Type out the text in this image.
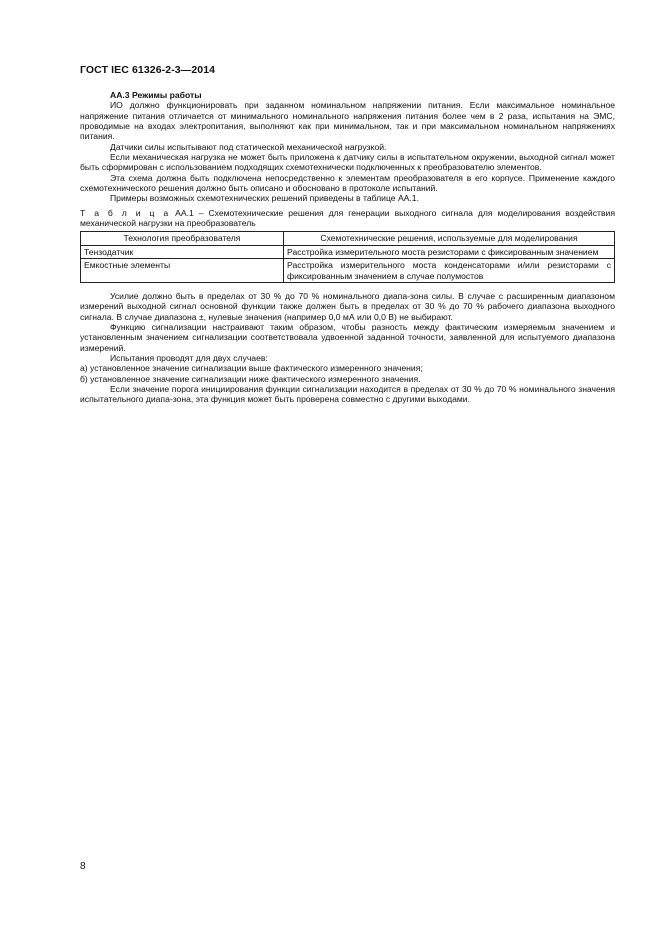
ГОСТ IEC 61326-2-3—2014
АА.3 Режимы работы

ИО должно функционировать при заданном номинальном напряжении питания. Если максимальное номинальное напряжение питания отличается от минимального номинального напряжения питания более чем в 2 раза, испытания на ЭМС, проводимые на входах электропитания, выполняют как при минимальном, так и при максимальном номинальном напряжениях питания.

Датчики силы испытывают под статической механической нагрузкой.

Если механическая нагрузка не может быть приложена к датчику силы в испытательном окружении, выходной сигнал может быть сформирован с использованием подходящих схемотехнически подключенных к преобразователю элементов.

Эта схема должна быть подключена непосредственно к элементам преобразователя в его корпусе. Применение каждого схемотехнического решения должно быть описано и обосновано в протоколе испытаний.

Примеры возможных схемотехнических решений приведены в таблице АА.1.

Т а б л и ц а АА.1 – Схемотехнические решения для генерации выходного сигнала для моделирования воздействия механической нагрузки на преобразователь
Технология преобразователя	Схемотехнические решения, используемые для моделирования
Тензодатчик	Расстройка измерительного моста резисторами с фиксированным значением
Емкостные элементы	Расстройка измерительного моста конденсаторами и/или резисторами с фиксированным значением в случае полумостов

Усилие должно быть в пределах от 30 % до 70 % номинального диапа-зона силы. В случае с расширенным диапазоном измерений выходной сигнал основной функции также должен быть в пределах от 30 % до 70 % рабочего диапазона выходного сигнала. В случае диапазона ±, нулевые значения (например 0,0 мА или 0,0 В) не выбирают.

Функцию сигнализации настраивают таким образом, чтобы разность между фактическим измеряемым значением и установленным значением сигнализации соответствовала удвоенной заданной точности, заявленной для испытуемого диапазона измерений.

Испытания проводят для двух случаев:

а) установленное значение сигнализации выше фактического измеренного значения;

б) установленное значение сигнализации ниже фактического измеренного значения.

Если значение порога инициирования функции сигнализации находится в пределах от 30 % до 70 % номинального значения испытательного диапа-зона, эта функция может быть проверена совместно с другими выходами.

8
